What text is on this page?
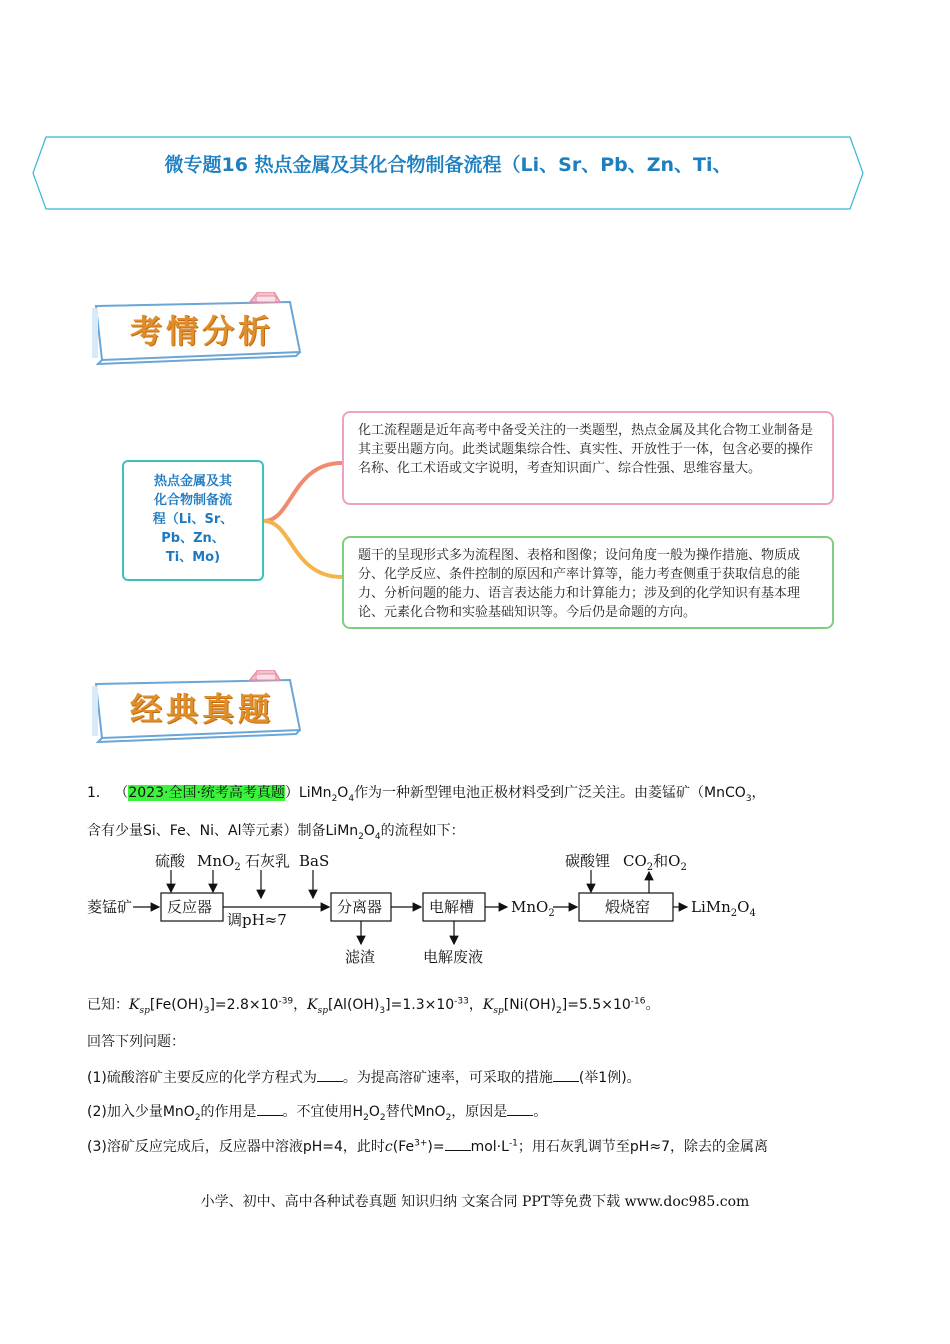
微专题16 热点金属及其化合物制备流程（Li、Sr、Pb、Zn、Ti、
考情分析
热点金属及其
化合物制备流
程（Li、Sr、
Pb、Zn、
Ti、Mo)
化工流程题是近年高考中备受关注的一类题型，热点金属及其化合物工业制备是其主要出题方向。此类试题集综合性、真实性、开放性于一体，包含必要的操作名称、化工术语或文字说明，考查知识面广、综合性强、思维容量大。
题干的呈现形式多为流程图、表格和图像；设问角度一般为操作措施、物质成分、化学反应、条件控制的原因和产率计算等，能力考查侧重于获取信息的能力、分析问题的能力、语言表达能力和计算能力；涉及到的化学知识有基本理论、元素化合物和实验基础知识等。今后仍是命题的方向。
经典真题
1． （2023·全国·统考高考真题）$LiMn_2O_4$作为一种新型锂电池正极材料受到广泛关注。由菱锰矿（MnCO$_3$，
含有少量Si、Fe、Ni、Al等元素）制备$LiMn_2O_4$的流程如下：
硫酸 MnO$_2$ 石灰乳 BaS
菱锰矿 反应器
调pH≈7
分离器
滤渣
电解槽
电解废液
MnO$_2$
碳酸锂 $CO_2$和$O_2$
煅烧窑	$LiMn_2O_4$
已知：$K_{sp}[Fe(OH)_3]=2.8\times 10^{-39}$，$K_{sp}[Al(OH)_3]=1.3\times 10^{-33}$，$K_{sp}[Ni(OH)_2]=5.5\times 10^{-16}$。
回答下列问题：
(1)硫酸溶矿主要反应的化学方程式为 。为提高溶矿速率，可采取的措施 (举1例)。
(2)加入少量MnO$_2$的作用是 。不宜使用$H_2O_2$替代MnO$_2$，原因是 。
(3)溶矿反应完成后，反应器中溶液pH=4，此时$c(Fe^{3+})= mol\cdot L^{-1}$；用石灰乳调节至pH≈7，除去的金属离
小学、初中、高中各种试卷真题 知识归纳 文案合同 PPT等免费下载 www.doc985.com
